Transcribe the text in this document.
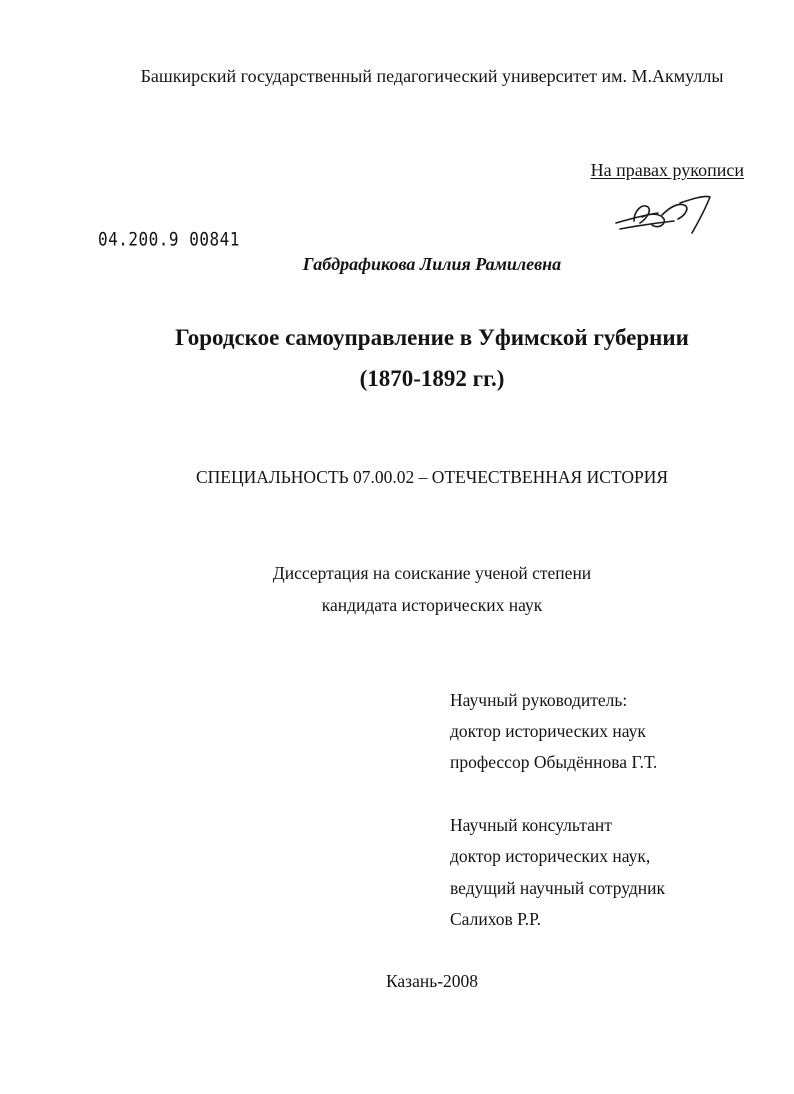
Башкирский государственный педагогический университет им. М.Акмуллы
На правах рукописи
04.200.9 00841
Габдрафикова Лилия Рамилевна
Городское самоуправление в Уфимской губернии
(1870-1892 гг.)
СПЕЦИАЛЬНОСТЬ 07.00.02 – ОТЕЧЕСТВЕННАЯ ИСТОРИЯ
Диссертация на соискание ученой степени
кандидата исторических наук
Научный руководитель:
доктор исторических наук
профессор Обыдённова Г.Т.
Научный консультант
доктор исторических наук,
ведущий научный сотрудник
Салихов Р.Р.
Казань-2008
